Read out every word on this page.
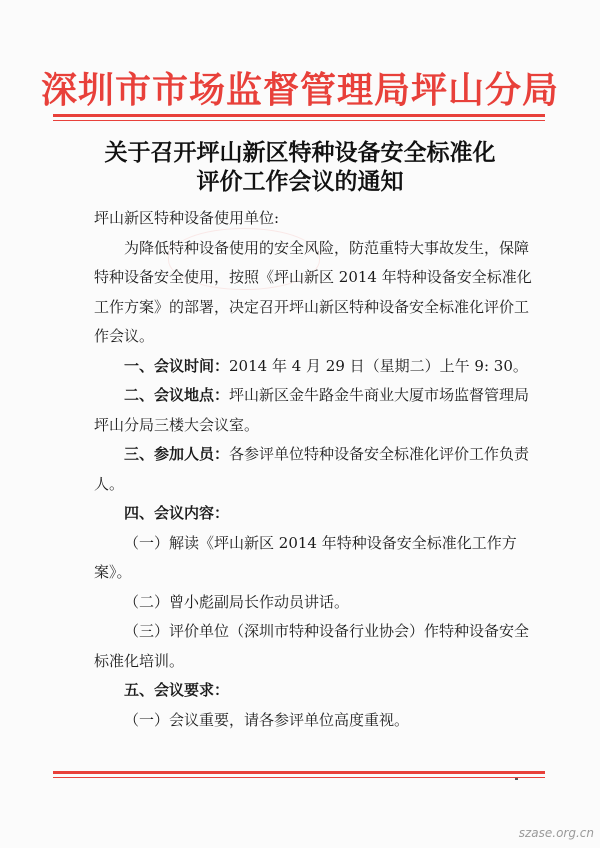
深圳市市场监督管理局坪山分局
关于召开坪山新区特种设备安全标准化
评价工作会议的通知

坪山新区特种设备使用单位:

为降低特种设备使用的安全风险，防范重特大事故发生，保障特种设备安全使用，按照《坪山新区 2014 年特种设备安全标准化工作方案》的部署，决定召开坪山新区特种设备安全标准化评价工作会议。

一、会议时间：2014 年 4 月 29 日（星期二）上午 9: 30。

二、会议地点：坪山新区金牛路金牛商业大厦市场监督管理局坪山分局三楼大会议室。

三、参加人员：各参评单位特种设备安全标准化评价工作负责人。

四、会议内容：

（一）解读《坪山新区 2014 年特种设备安全标准化工作方案》。

（二）曾小彪副局长作动员讲话。

（三）评价单位（深圳市特种设备行业协会）作特种设备安全标准化培训。

五、会议要求：

（一）会议重要，请各参评单位高度重视。

szase.org.cn
